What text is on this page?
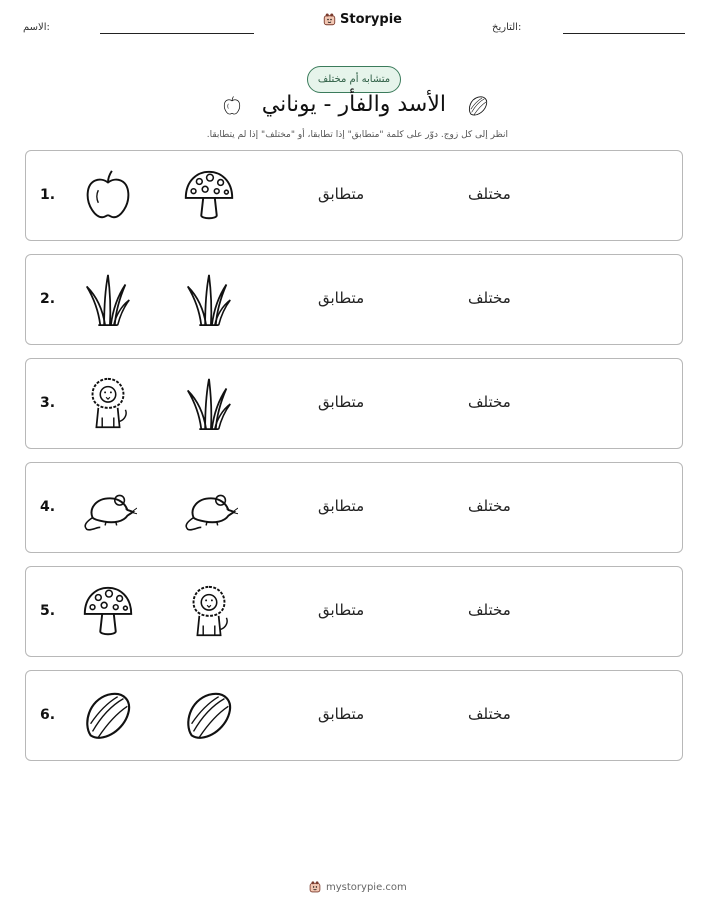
الاسم:
Storypie
التاريخ:
متشابه أم مختلف
الأسد والفأر - يوناني
انظر إلى كل زوج. دوّر على كلمة "متطابق" إذا تطابقا، أو "مختلف" إذا لم يتطابقا.
1.	متطابق	مختلف
2.	متطابق	مختلف
3.	متطابق	مختلف
4.	متطابق	مختلف
5.	متطابق	مختلف
6.	متطابق	مختلف
mystorypie.com
